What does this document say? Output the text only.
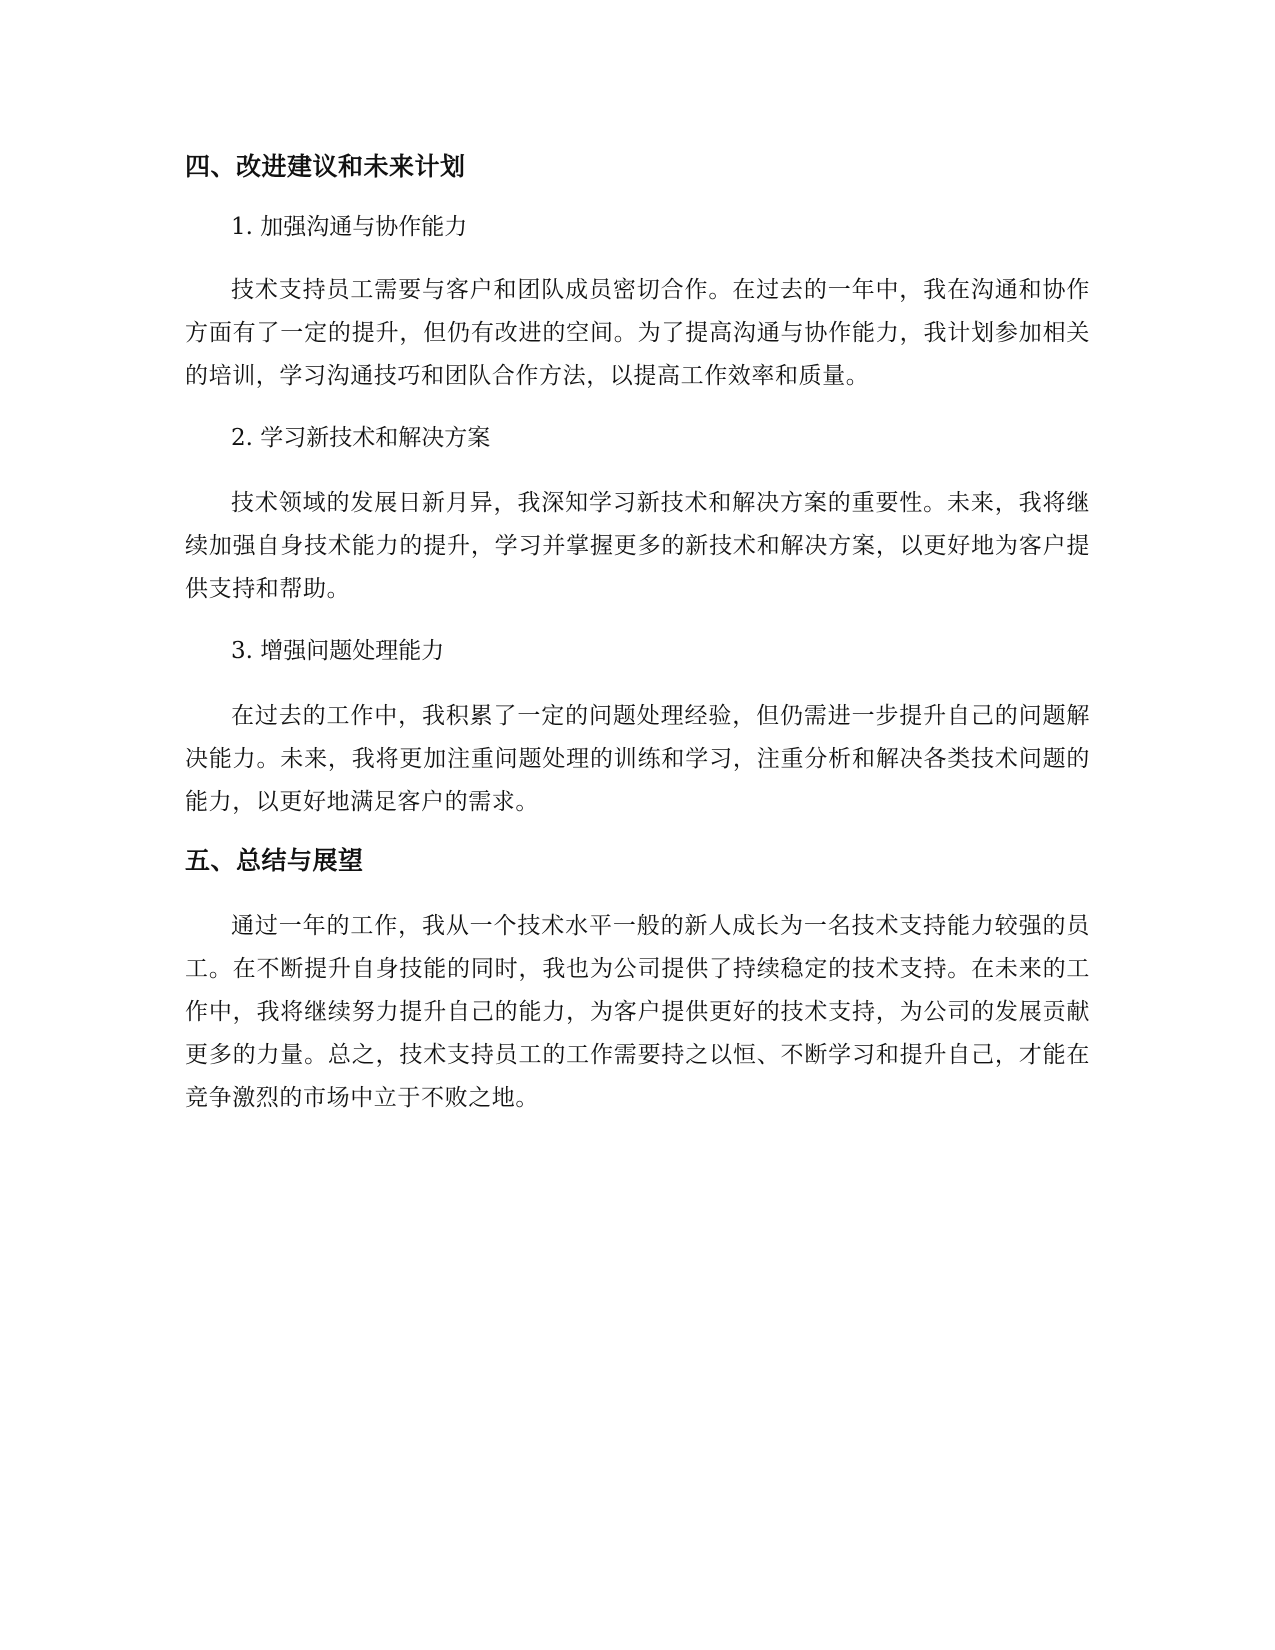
四、改进建议和未来计划

1. 加强沟通与协作能力

技术支持员工需要与客户和团队成员密切合作。在过去的一年中，我在沟通和协作方面有了一定的提升，但仍有改进的空间。为了提高沟通与协作能力，我计划参加相关的培训，学习沟通技巧和团队合作方法，以提高工作效率和质量。

2. 学习新技术和解决方案

技术领域的发展日新月异，我深知学习新技术和解决方案的重要性。未来，我将继续加强自身技术能力的提升，学习并掌握更多的新技术和解决方案，以更好地为客户提供支持和帮助。

3. 增强问题处理能力

在过去的工作中，我积累了一定的问题处理经验，但仍需进一步提升自己的问题解决能力。未来，我将更加注重问题处理的训练和学习，注重分析和解决各类技术问题的能力，以更好地满足客户的需求。

五、总结与展望

通过一年的工作，我从一个技术水平一般的新人成长为一名技术支持能力较强的员工。在不断提升自身技能的同时，我也为公司提供了持续稳定的技术支持。在未来的工作中，我将继续努力提升自己的能力，为客户提供更好的技术支持，为公司的发展贡献更多的力量。总之，技术支持员工的工作需要持之以恒、不断学习和提升自己，才能在竞争激烈的市场中立于不败之地。
